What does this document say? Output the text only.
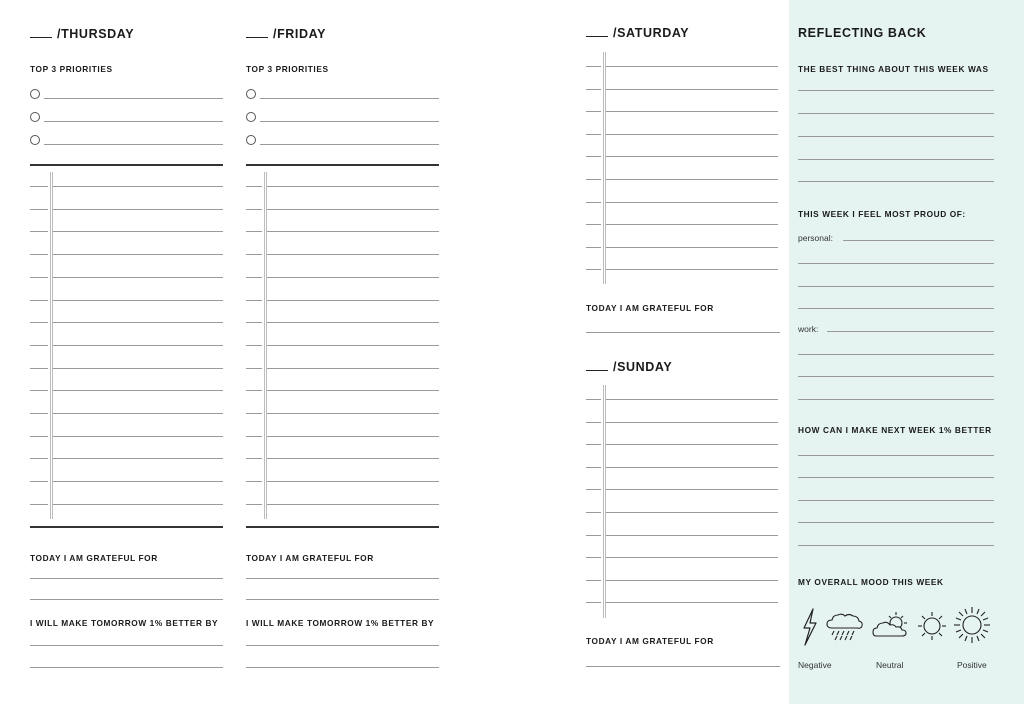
/THURSDAY
TOP 3 PRIORITIES
TODAY I AM GRATEFUL FOR
I WILL MAKE TOMORROW 1% BETTER BY
/FRIDAY
TOP 3 PRIORITIES
TODAY I AM GRATEFUL FOR
I WILL MAKE TOMORROW 1% BETTER BY
/SATURDAY
TODAY I AM GRATEFUL FOR
/SUNDAY
TODAY I AM GRATEFUL FOR
REFLECTING BACK
THE BEST THING ABOUT THIS WEEK WAS
THIS WEEK I FEEL MOST PROUD OF:
personal:
work:
HOW CAN I MAKE NEXT WEEK 1% BETTER
MY OVERALL MOOD THIS WEEK
Negative	Neutral	Positive
